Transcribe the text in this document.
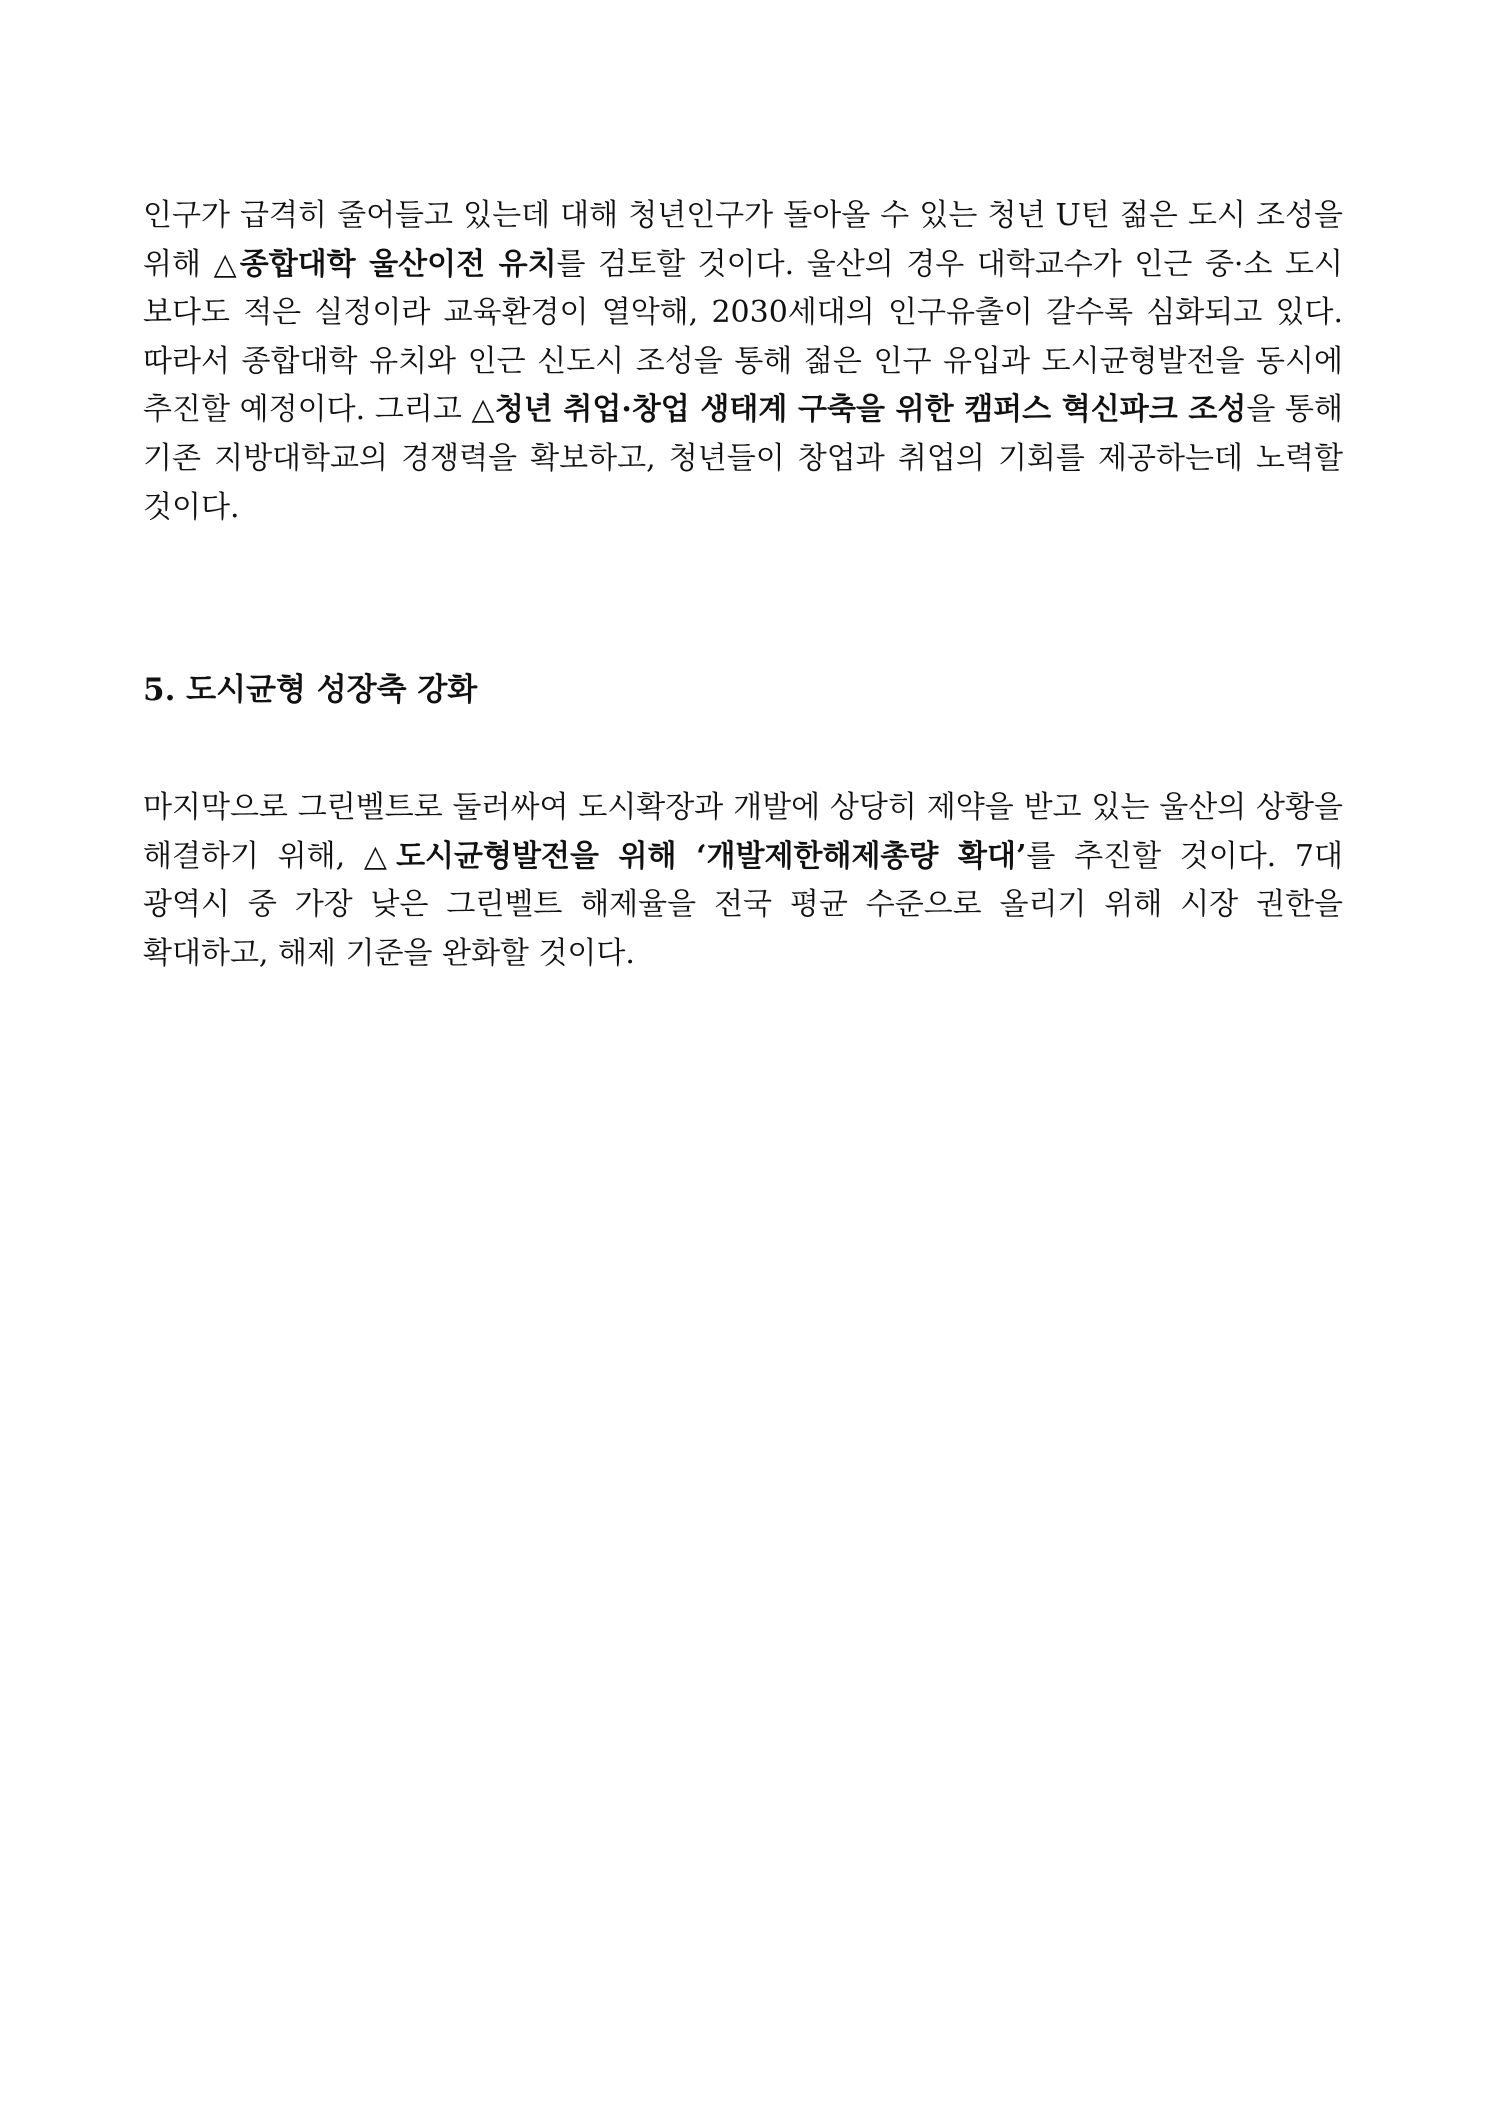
인구가 급격히 줄어들고 있는데 대해 청년인구가 돌아올 수 있는 청년 U턴 젊은 도시 조성을 위해 △종합대학 울산이전 유치를 검토할 것이다. 울산의 경우 대학교수가 인근 중·소 도시 보다도 적은 실정이라 교육환경이 열악해, 2030세대의 인구유출이 갈수록 심화되고 있다. 따라서 종합대학 유치와 인근 신도시 조성을 통해 젊은 인구 유입과 도시균형발전을 동시에 추진할 예정이다. 그리고 △청년 취업·창업 생태계 구축을 위한 캠퍼스 혁신파크 조성을 통해 기존 지방대학교의 경쟁력을 확보하고, 청년들이 창업과 취업의 기회를 제공하는데 노력할 것이다.

5. 도시균형 성장축 강화

마지막으로 그린벨트로 둘러싸여 도시확장과 개발에 상당히 제약을 받고 있는 울산의 상황을 해결하기 위해, △도시균형발전을 위해 ‘개발제한해제총량 확대’를 추진할 것이다. 7대 광역시 중 가장 낮은 그린벨트 해제율을 전국 평균 수준으로 올리기 위해 시장 권한을 확대하고, 해제 기준을 완화할 것이다.
